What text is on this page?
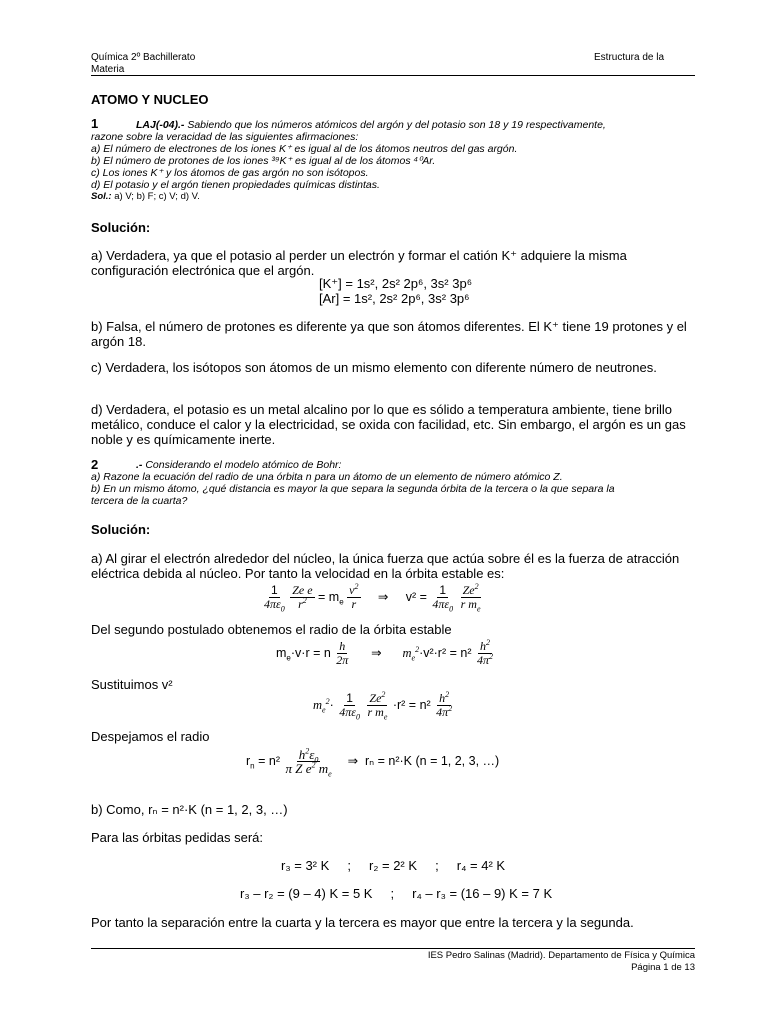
Química 2º Bachillerato
Materia
Estructura de la
ATOMO Y NUCLEO
1	LAJ(-04).- Sabiendo que los números atómicos del argón y del potasio son 18 y 19 respectivamente,
razone sobre la veracidad de las siguientes afirmaciones:
a) El número de electrones de los iones K⁺ es igual al de los átomos neutros del gas argón.
b) El número de protones de los iones ³⁹K⁺ es igual al de los átomos ⁴⁰Ar.
c) Los iones K⁺ y los átomos de gas argón no son isótopos.
d) El potasio y el argón tienen propiedades químicas distintas.
Sol.: a) V; b) F; c) V; d) V.
Solución:
a) Verdadera, ya que el potasio al perder un electrón y formar el catión K⁺ adquiere la misma
configuración electrónica que el argón.
[K⁺] = 1s², 2s² 2p⁶, 3s² 3p⁶
[Ar] = 1s², 2s² 2p⁶, 3s² 3p⁶
b) Falsa, el número de protones es diferente ya que son átomos diferentes. El K⁺ tiene 19 protones y el
argón 18.
c) Verdadera, los isótopos son átomos de un mismo elemento con diferente número de neutrones.
d) Verdadera, el potasio es un metal alcalino por lo que es sólido a temperatura ambiente, tiene brillo
metálico, conduce el calor y la electricidad, se oxida con facilidad, etc. Sin embargo, el argón es un gas
noble y es químicamente inerte.
2	.- Considerando el modelo atómico de Bohr:
a) Razone la ecuación del radio de una órbita n para un átomo de un elemento de número atómico Z.
b) En un mismo átomo, ¿qué distancia es mayor la que separa la segunda órbita de la tercera o la que separa la
tercera de la cuarta?
Solución:
a) Al girar el electrón alrededor del núcleo, la única fuerza que actúa sobre él es la fuerza de atracción
eléctrica debida al núcleo. Por tanto la velocidad en la órbita estable es:
$\frac{1}{4\pi\varepsilon_0}$
$\frac{\text{Ze e}}{r^2} = m_e \frac{v^2}{r}$ ⇒     $v^2 = \frac{1}{4\pi\varepsilon_0}$
$\frac{Ze^2}{r m_e}$
Del segundo postulado obtenemos el radio de la órbita estable
$m_e\cdot v\cdot r = n \frac{h}{2\pi}$ ⇒      $m_e^2\cdot v^2\cdot r^2 = n^2 \frac{h^2}{4\pi^2}$
Sustituimos v²
$m_e^2\cdot \frac{1}{4\pi\varepsilon_0}$
$\frac{Ze^2}{r m_e} \cdot r^2 = n^2 \frac{h^2}{4\pi^2}$
Despejamos el radio
$r_n = n^2 \frac{h^2\varepsilon_0}{\pi Z e^2 m_e}$ ⇒  rₙ = n²·K (n = 1, 2, 3, …)
b) Como, rₙ = n²·K (n = 1, 2, 3, …)
Para las órbitas pedidas será:
r₃ = 3² K     ;     r₂ = 2² K     ;     r₄ = 4² K
r₃ – r₂ = (9 – 4) K = 5 K     ;     r₄ – r₃ = (16 – 9) K = 7 K
Por tanto la separación entre la cuarta y la tercera es mayor que entre la tercera y la segunda.
IES Pedro Salinas (Madrid). Departamento de Física y Química
Página 1 de 13
